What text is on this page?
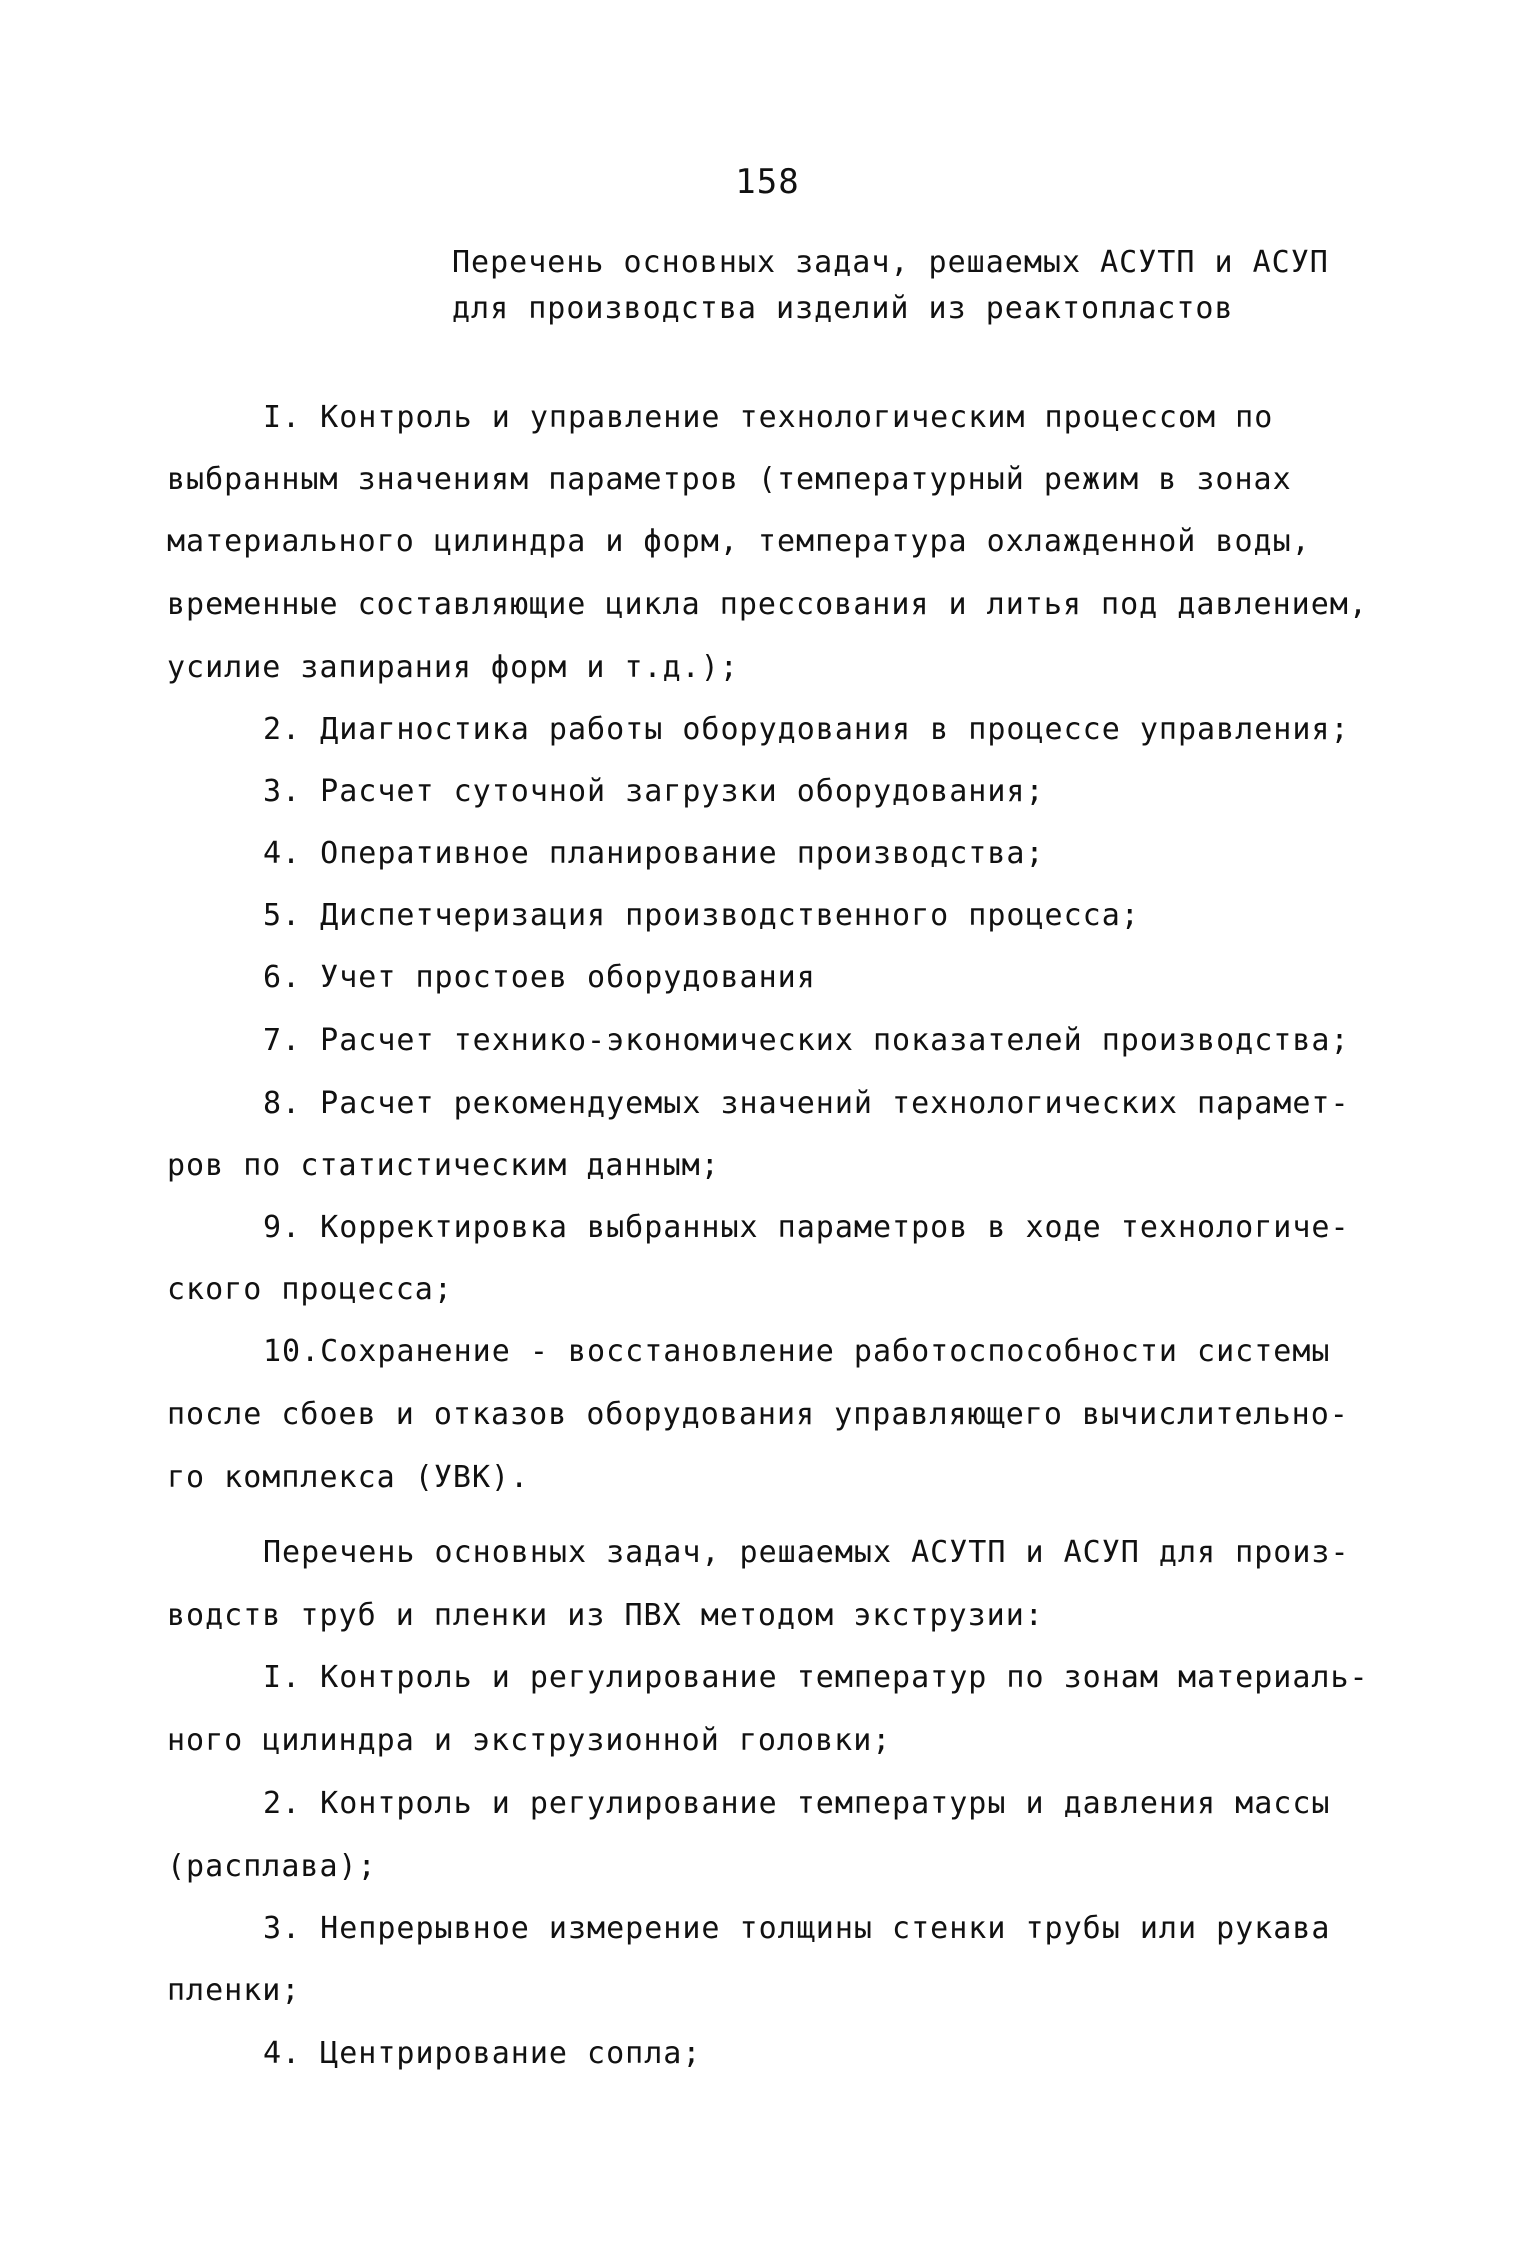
158
Перечень основных задач, решаемых АСУТП и АСУП
для производства изделий из реактопластов
I. Контроль и управление технологическим процессом по
выбранным значениям параметров (температурный режим в зонах
материального цилиндра и форм, температура охлажденной воды,
временные составляющие цикла прессования и литья под давлением,
усилие запирания форм и т.д.);
2. Диагностика работы оборудования в процессе управления;
3. Расчет суточной загрузки оборудования;
4. Оперативное планирование производства;
5. Диспетчеризация производственного процесса;
6. Учет простоев оборудования
7. Расчет технико-экономических показателей производства;
8. Расчет рекомендуемых значений технологических парамет-
ров по статистическим данным;
9. Корректировка выбранных параметров в ходе технологиче-
ского процесса;
10.Сохранение - восстановление работоспособности системы
после сбоев и отказов оборудования управляющего вычислительно-
го комплекса (УВК).
Перечень основных задач, решаемых АСУТП и АСУП для произ-
водств труб и пленки из ПВХ методом экструзии:
I. Контроль и регулирование температур по зонам материаль-
ного цилиндра и экструзионной головки;
2. Контроль и регулирование температуры и давления массы
(расплава);
3. Непрерывное измерение толщины стенки трубы или рукава
пленки;
4. Центрирование сопла;
